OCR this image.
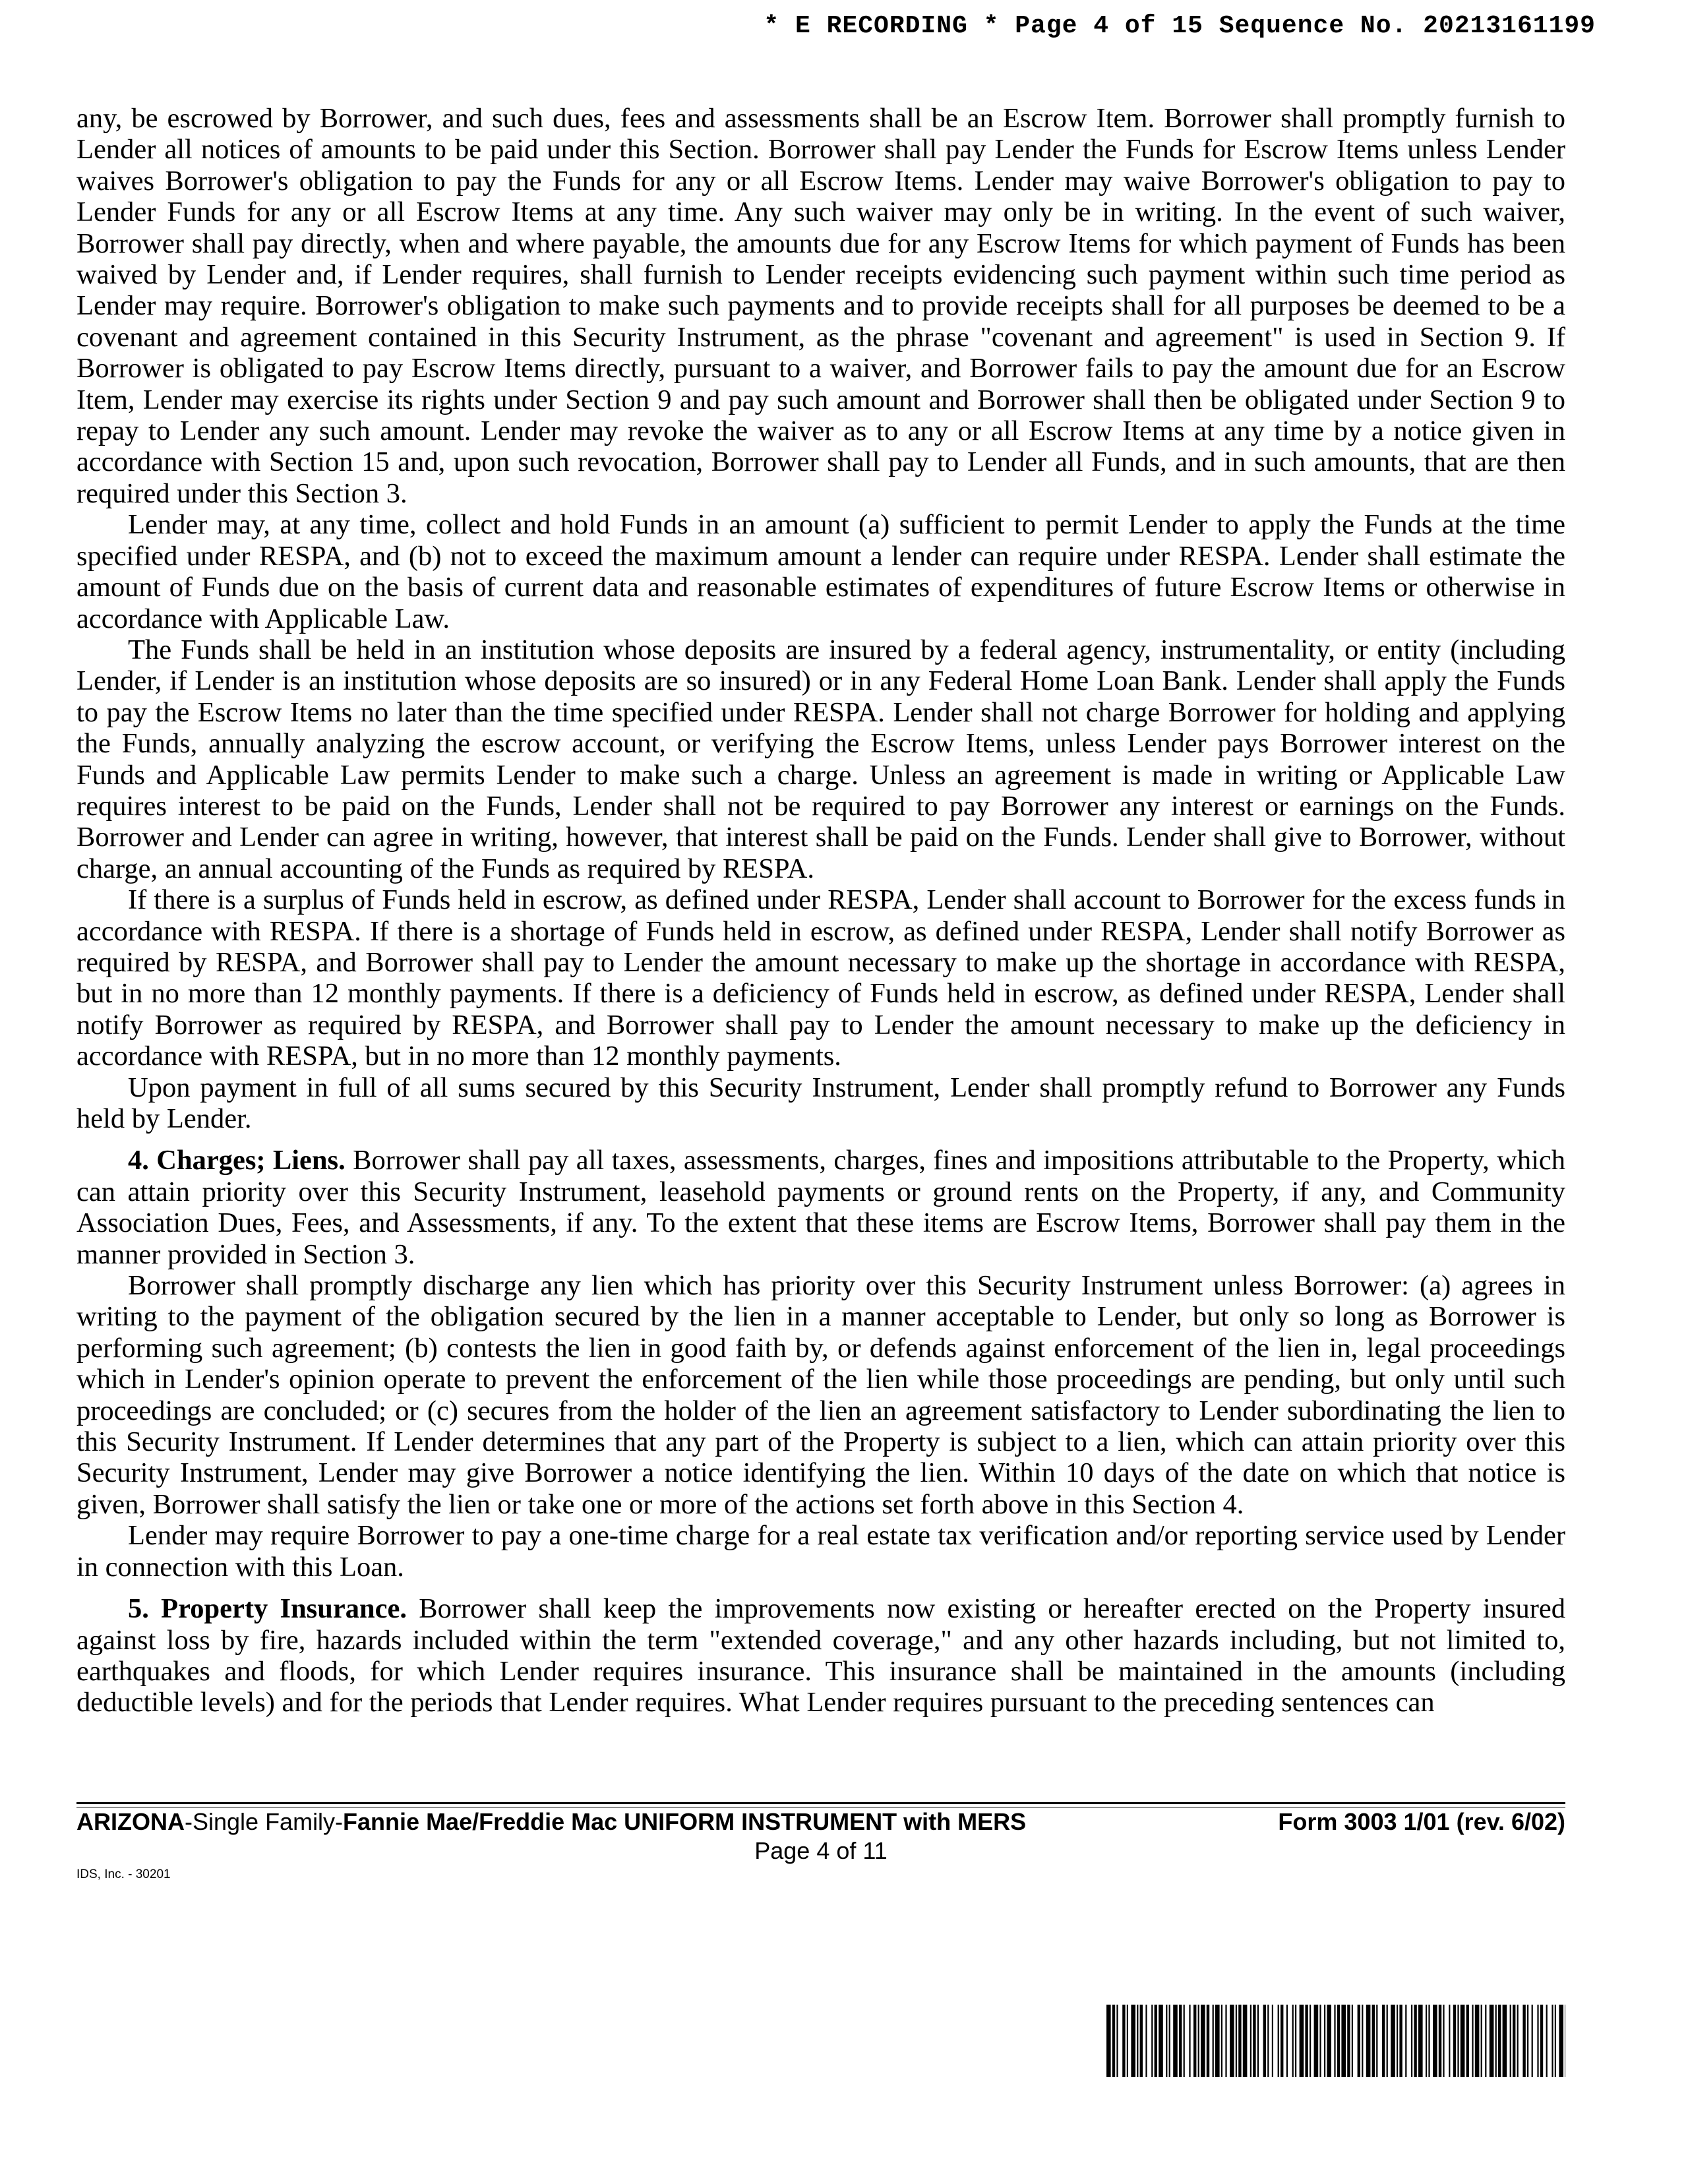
* E RECORDING * Page 4 of 15 Sequence No. 20213161199

any, be escrowed by Borrower, and such dues, fees and assessments shall be an Escrow Item. Borrower shall promptly furnish to Lender all notices of amounts to be paid under this Section. Borrower shall pay Lender the Funds for Escrow Items unless Lender waives Borrower's obligation to pay the Funds for any or all Escrow Items. Lender may waive Borrower's obligation to pay to Lender Funds for any or all Escrow Items at any time. Any such waiver may only be in writing. In the event of such waiver, Borrower shall pay directly, when and where payable, the amounts due for any Escrow Items for which payment of Funds has been waived by Lender and, if Lender requires, shall furnish to Lender receipts evidencing such payment within such time period as Lender may require. Borrower's obligation to make such payments and to provide receipts shall for all purposes be deemed to be a covenant and agreement contained in this Security Instrument, as the phrase "covenant and agreement" is used in Section 9. If Borrower is obligated to pay Escrow Items directly, pursuant to a waiver, and Borrower fails to pay the amount due for an Escrow Item, Lender may exercise its rights under Section 9 and pay such amount and Borrower shall then be obligated under Section 9 to repay to Lender any such amount. Lender may revoke the waiver as to any or all Escrow Items at any time by a notice given in accordance with Section 15 and, upon such revocation, Borrower shall pay to Lender all Funds, and in such amounts, that are then required under this Section 3.

Lender may, at any time, collect and hold Funds in an amount (a) sufficient to permit Lender to apply the Funds at the time specified under RESPA, and (b) not to exceed the maximum amount a lender can require under RESPA. Lender shall estimate the amount of Funds due on the basis of current data and reasonable estimates of expenditures of future Escrow Items or otherwise in accordance with Applicable Law.

The Funds shall be held in an institution whose deposits are insured by a federal agency, instrumentality, or entity (including Lender, if Lender is an institution whose deposits are so insured) or in any Federal Home Loan Bank. Lender shall apply the Funds to pay the Escrow Items no later than the time specified under RESPA. Lender shall not charge Borrower for holding and applying the Funds, annually analyzing the escrow account, or verifying the Escrow Items, unless Lender pays Borrower interest on the Funds and Applicable Law permits Lender to make such a charge. Unless an agreement is made in writing or Applicable Law requires interest to be paid on the Funds, Lender shall not be required to pay Borrower any interest or earnings on the Funds. Borrower and Lender can agree in writing, however, that interest shall be paid on the Funds. Lender shall give to Borrower, without charge, an annual accounting of the Funds as required by RESPA.

If there is a surplus of Funds held in escrow, as defined under RESPA, Lender shall account to Borrower for the excess funds in accordance with RESPA. If there is a shortage of Funds held in escrow, as defined under RESPA, Lender shall notify Borrower as required by RESPA, and Borrower shall pay to Lender the amount necessary to make up the shortage in accordance with RESPA, but in no more than 12 monthly payments. If there is a deficiency of Funds held in escrow, as defined under RESPA, Lender shall notify Borrower as required by RESPA, and Borrower shall pay to Lender the amount necessary to make up the deficiency in accordance with RESPA, but in no more than 12 monthly payments.

Upon payment in full of all sums secured by this Security Instrument, Lender shall promptly refund to Borrower any Funds held by Lender.

4. Charges; Liens. Borrower shall pay all taxes, assessments, charges, fines and impositions attributable to the Property, which can attain priority over this Security Instrument, leasehold payments or ground rents on the Property, if any, and Community Association Dues, Fees, and Assessments, if any. To the extent that these items are Escrow Items, Borrower shall pay them in the manner provided in Section 3.

Borrower shall promptly discharge any lien which has priority over this Security Instrument unless Borrower: (a) agrees in writing to the payment of the obligation secured by the lien in a manner acceptable to Lender, but only so long as Borrower is performing such agreement; (b) contests the lien in good faith by, or defends against enforcement of the lien in, legal proceedings which in Lender's opinion operate to prevent the enforcement of the lien while those proceedings are pending, but only until such proceedings are concluded; or (c) secures from the holder of the lien an agreement satisfactory to Lender subordinating the lien to this Security Instrument. If Lender determines that any part of the Property is subject to a lien, which can attain priority over this Security Instrument, Lender may give Borrower a notice identifying the lien. Within 10 days of the date on which that notice is given, Borrower shall satisfy the lien or take one or more of the actions set forth above in this Section 4.

Lender may require Borrower to pay a one-time charge for a real estate tax verification and/or reporting service used by Lender in connection with this Loan.

5. Property Insurance. Borrower shall keep the improvements now existing or hereafter erected on the Property insured against loss by fire, hazards included within the term "extended coverage," and any other hazards including, but not limited to, earthquakes and floods, for which Lender requires insurance. This insurance shall be maintained in the amounts (including deductible levels) and for the periods that Lender requires. What Lender requires pursuant to the preceding sentences can

ARIZONA-Single Family-Fannie Mae/Freddie Mac UNIFORM INSTRUMENT with MERS	Form 3003 1/01 (rev. 6/02)
Page 4 of 11
IDS, Inc. - 30201
